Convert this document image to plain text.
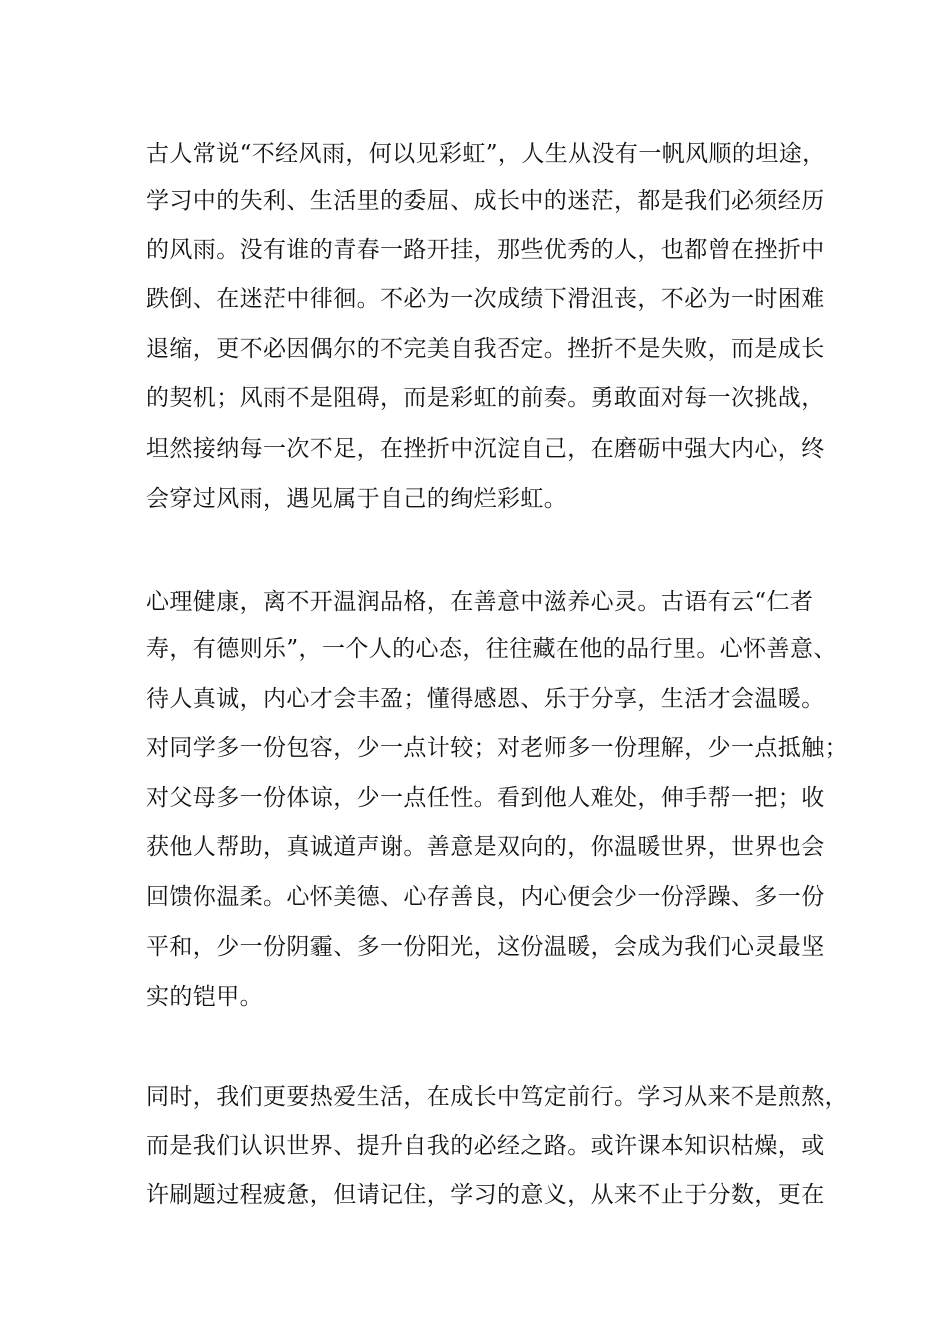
古人常说“不经风雨，何以见彩虹”，人生从没有一帆风顺的坦途，
学习中的失利、生活里的委屈、成长中的迷茫，都是我们必须经历
的风雨。没有谁的青春一路开挂，那些优秀的人，也都曾在挫折中
跌倒、在迷茫中徘徊。不必为一次成绩下滑沮丧，不必为一时困难
退缩，更不必因偶尔的不完美自我否定。挫折不是失败，而是成长
的契机；风雨不是阻碍，而是彩虹的前奏。勇敢面对每一次挑战，
坦然接纳每一次不足，在挫折中沉淀自己，在磨砺中强大内心，终
会穿过风雨，遇见属于自己的绚烂彩虹。
心理健康，离不开温润品格，在善意中滋养心灵。古语有云“仁者
寿，有德则乐”，一个人的心态，往往藏在他的品行里。心怀善意、
待人真诚，内心才会丰盈；懂得感恩、乐于分享，生活才会温暖。
对同学多一份包容，少一点计较；对老师多一份理解，少一点抵触；
对父母多一份体谅，少一点任性。看到他人难处，伸手帮一把；收
获他人帮助，真诚道声谢。善意是双向的，你温暖世界，世界也会
回馈你温柔。心怀美德、心存善良，内心便会少一份浮躁、多一份
平和，少一份阴霾、多一份阳光，这份温暖，会成为我们心灵最坚
实的铠甲。
同时，我们更要热爱生活，在成长中笃定前行。学习从来不是煎熬，
而是我们认识世界、提升自我的必经之路。或许课本知识枯燥，或
许刷题过程疲惫，但请记住，学习的意义，从来不止于分数，更在
